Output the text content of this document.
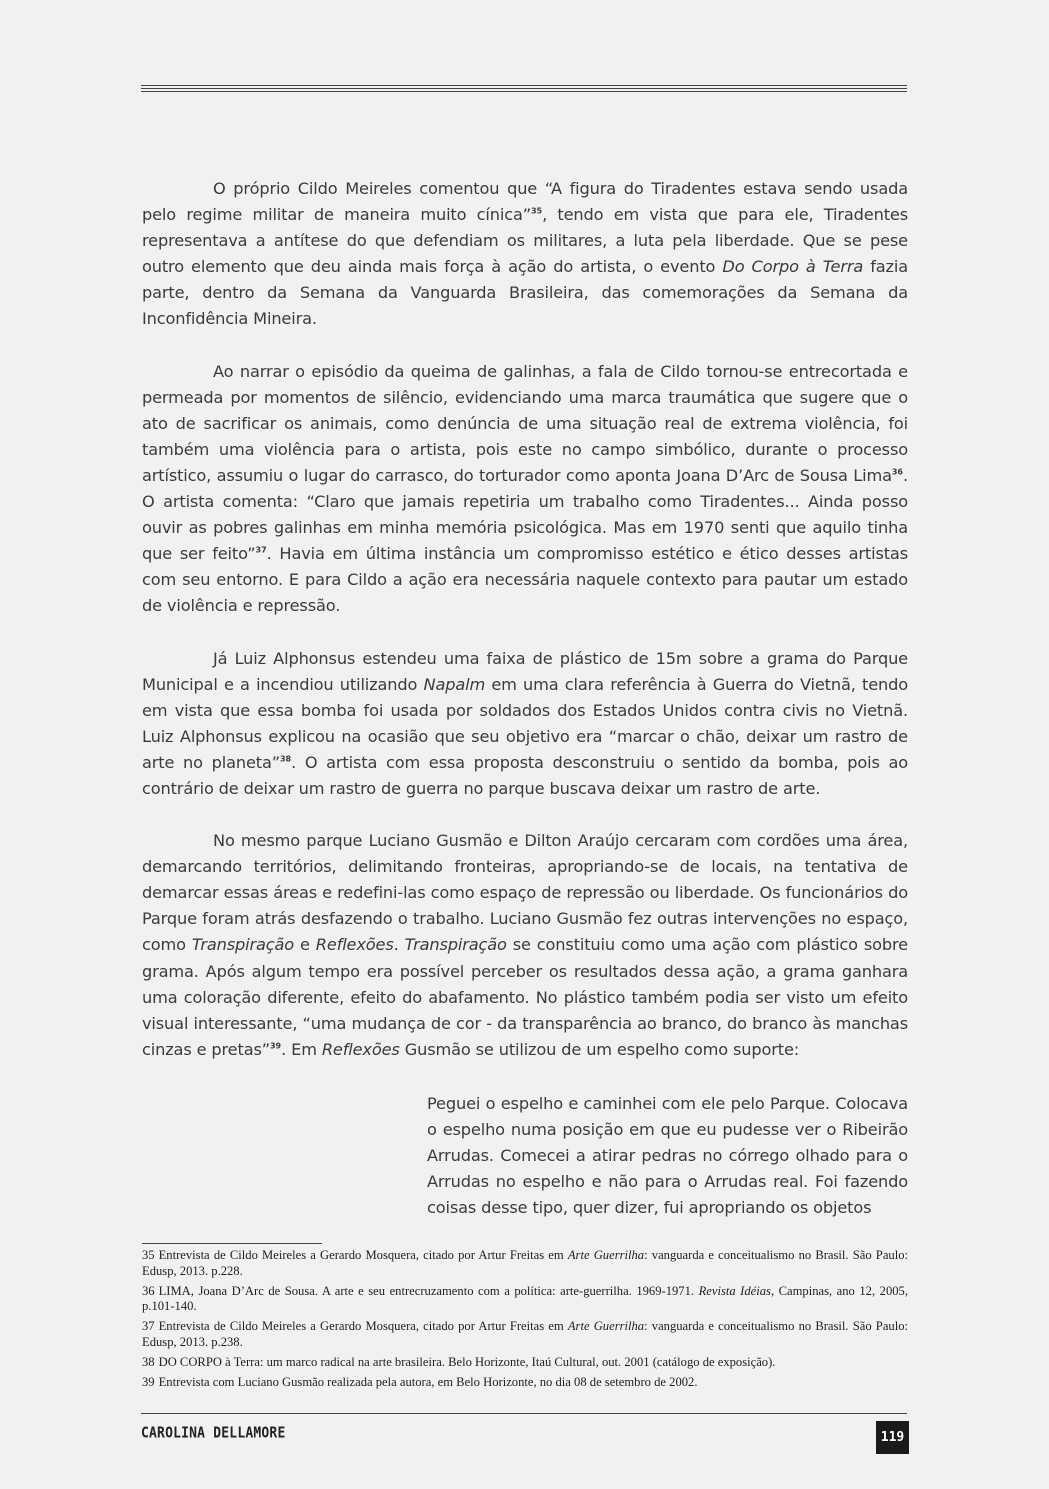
O próprio Cildo Meireles comentou que “A figura do Tiradentes estava sendo usada pelo regime militar de maneira muito cínica”$^{35}$, tendo em vista que para ele, Tiradentes representava a antítese do que defendiam os militares, a luta pela liberdade. Que se pese outro elemento que deu ainda mais força à ação do artista, o evento Do Corpo à Terra fazia parte, dentro da Semana da Vanguarda Brasileira, das comemorações da Semana da Inconfidência Mineira.

Ao narrar o episódio da queima de galinhas, a fala de Cildo tornou-se entrecortada e permeada por momentos de silêncio, evidenciando uma marca traumática que sugere que o ato de sacrificar os animais, como denúncia de uma situação real de extrema violência, foi também uma violência para o artista, pois este no campo simbólico, durante o processo artístico, assumiu o lugar do carrasco, do torturador como aponta Joana D’Arc de Sousa Lima$^{36}$. O artista comenta: “Claro que jamais repetiria um trabalho como Tiradentes... Ainda posso ouvir as pobres galinhas em minha memória psicológica. Mas em 1970 senti que aquilo tinha que ser feito”$^{37}$. Havia em última instância um compromisso estético e ético desses artistas com seu entorno. E para Cildo a ação era necessária naquele contexto para pautar um estado de violência e repressão.

Já Luiz Alphonsus estendeu uma faixa de plástico de 15m sobre a grama do Parque Municipal e a incendiou utilizando Napalm em uma clara referência à Guerra do Vietnã, tendo em vista que essa bomba foi usada por soldados dos Estados Unidos contra civis no Vietnã. Luiz Alphonsus explicou na ocasião que seu objetivo era “marcar o chão, deixar um rastro de arte no planeta”$^{38}$. O artista com essa proposta desconstruiu o sentido da bomba, pois ao contrário de deixar um rastro de guerra no parque buscava deixar um rastro de arte.

No mesmo parque Luciano Gusmão e Dilton Araújo cercaram com cordões uma área, demarcando territórios, delimitando fronteiras, apropriando-se de locais, na tentativa de demarcar essas áreas e redefini-las como espaço de repressão ou liberdade. Os funcionários do Parque foram atrás desfazendo o trabalho. Luciano Gusmão fez outras intervenções no espaço, como Transpiração e Reflexões. Transpiração se constituiu como uma ação com plástico sobre grama. Após algum tempo era possível perceber os resultados dessa ação, a grama ganhara uma coloração diferente, efeito do abafamento. No plástico também podia ser visto um efeito visual interessante, “uma mudança de cor - da transparência ao branco, do branco às manchas cinzas e pretas”$^{39}$. Em Reflexões Gusmão se utilizou de um espelho como suporte:

Peguei o espelho e caminhei com ele pelo Parque. Colocava o espelho numa posição em que eu pudesse ver o Ribeirão Arrudas. Comecei a atirar pedras no córrego olhado para o Arrudas no espelho e não para o Arrudas real. Foi fazendo coisas desse tipo, quer dizer, fui apropriando os objetos

35 Entrevista de Cildo Meireles a Gerardo Mosquera, citado por Artur Freitas em Arte Guerrilha: vanguarda e conceitualismo no Brasil. São Paulo: Edusp, 2013. p.228.
36 LIMA, Joana D’Arc de Sousa. A arte e seu entrecruzamento com a política: arte-guerrilha. 1969-1971. Revista Idéias, Campinas, ano 12, 2005, p.101-140.
37 Entrevista de Cildo Meireles a Gerardo Mosquera, citado por Artur Freitas em Arte Guerrilha: vanguarda e conceitualismo no Brasil. São Paulo: Edusp, 2013. p.238.
38 DO CORPO à Terra: um marco radical na arte brasileira. Belo Horizonte, Itaú Cultural, out. 2001 (catálogo de exposição).
39 Entrevista com Luciano Gusmão realizada pela autora, em Belo Horizonte, no dia 08 de setembro de 2002.
CAROLINA DELLAMORE	119
